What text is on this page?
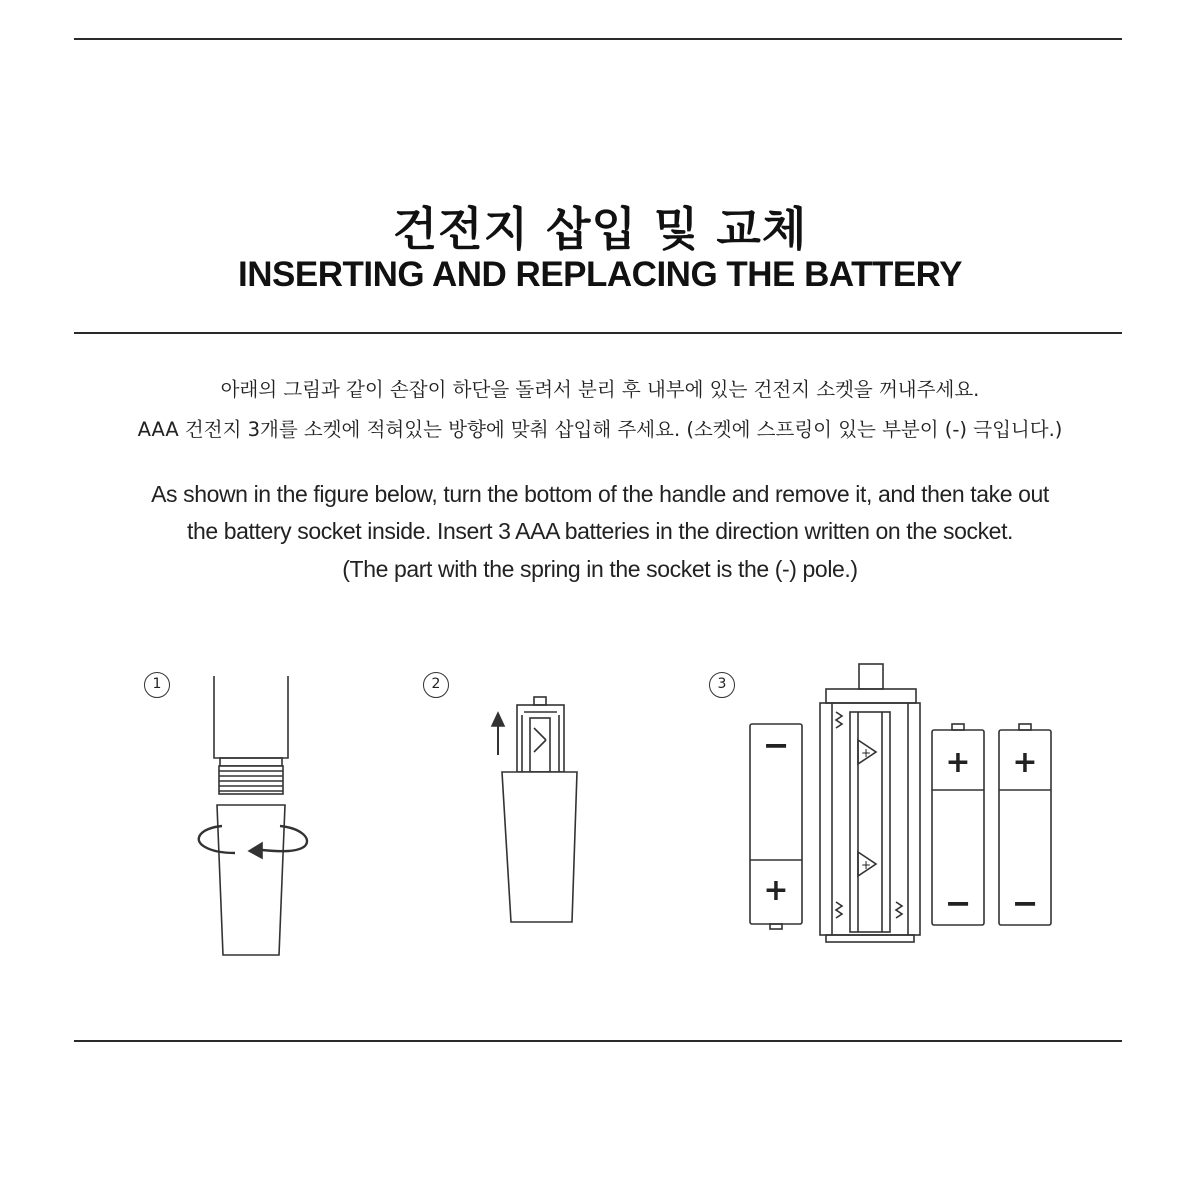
건전지 삽입 및 교체
INSERTING AND REPLACING THE BATTERY
아래의 그림과 같이 손잡이 하단을 돌려서 분리 후 내부에 있는 건전지 소켓을 꺼내주세요.
AAA 건전지 3개를 소켓에 적혀있는 방향에 맞춰 삽입해 주세요. (소켓에 스프링이 있는 부분이 (-) 극입니다.)
As shown in the figure below, turn the bottom of the handle and remove it, and then take out
the battery socket inside. Insert 3 AAA batteries in the direction written on the socket.
(The part with the spring in the socket is the (-) pole.)
1	2	3
−
+
+
−
+
−
+
+
